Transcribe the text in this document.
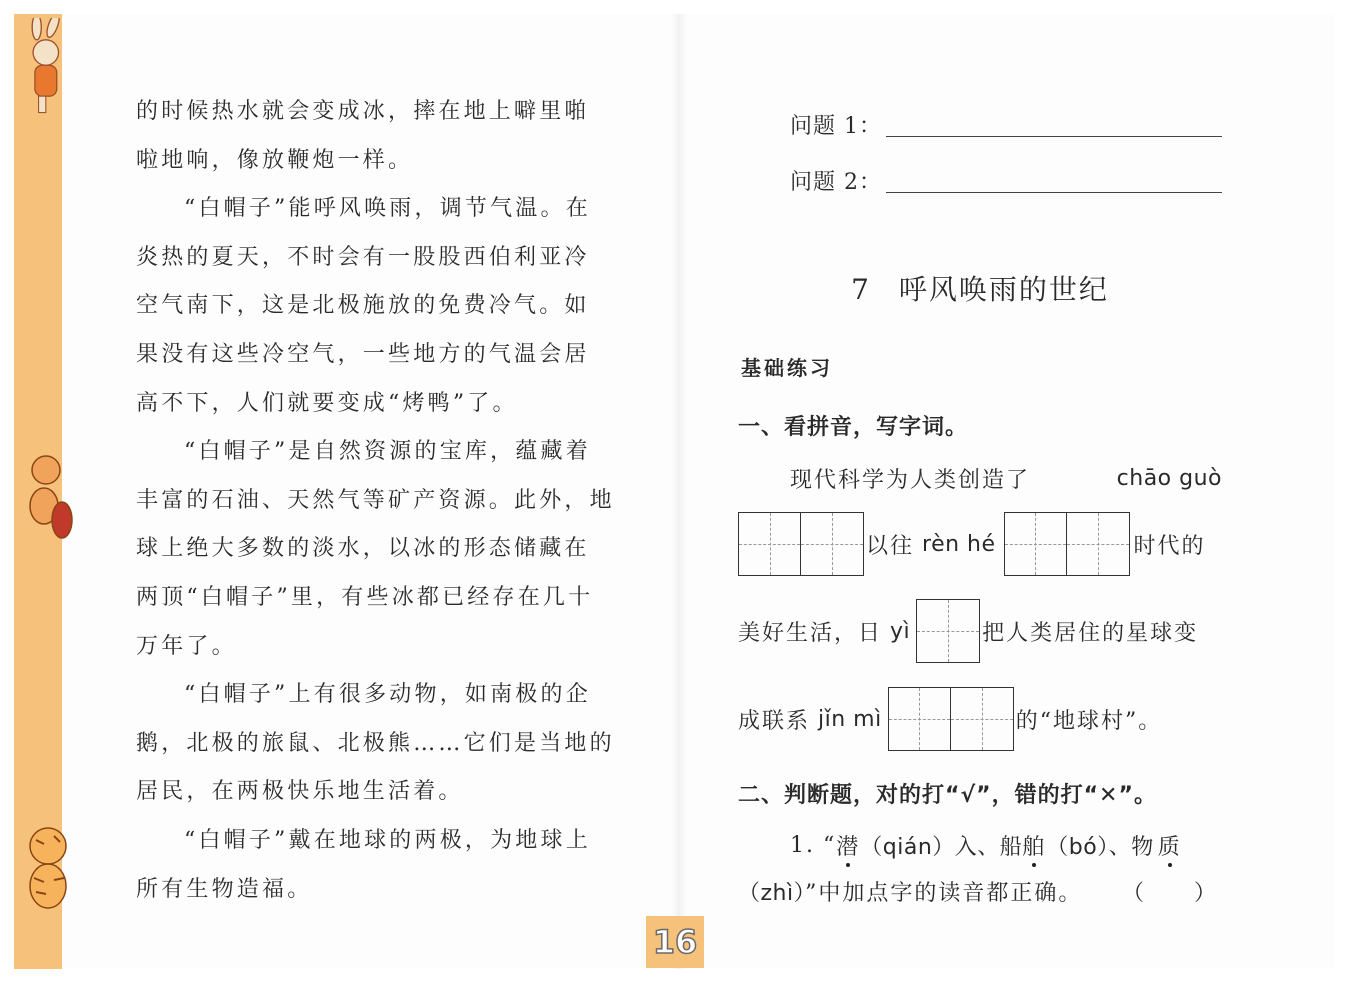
的时候热水就会变成冰，摔在地上噼里啪
啦地响，像放鞭炮一样。

“白帽子”能呼风唤雨，调节气温。在
炎热的夏天，不时会有一股股西伯利亚冷
空气南下，这是北极施放的免费冷气。如
果没有这些冷空气，一些地方的气温会居
高不下，人们就要变成“烤鸭”了。

“白帽子”是自然资源的宝库，蕴藏着
丰富的石油、天然气等矿产资源。此外，地
球上绝大多数的淡水，以冰的形态储藏在
两顶“白帽子”里，有些冰都已经存在几十
万年了。

“白帽子”上有很多动物，如南极的企
鹅，北极的旅鼠、北极熊……它们是当地的
居民，在两极快乐地生活着。

“白帽子”戴在地球的两极，为地球上
所有生物造福。

问题 1：
问题 2：
7 呼风唤雨的世纪
基础练习
一、看拼音，写字词。
现代科学为人类创造了	chāo guò
以往 rèn hé	时代的
美好生活，日 yì	把人类居住的星球变
成联系 jǐn mì	的“地球村”。
二、判断题，对的打“√”，错的打“✕”。
1. “ 潜 （qián）入、船 舶 （bó）、物 质
（zhì）”中加点字的读音都正确。 （　　）
16
